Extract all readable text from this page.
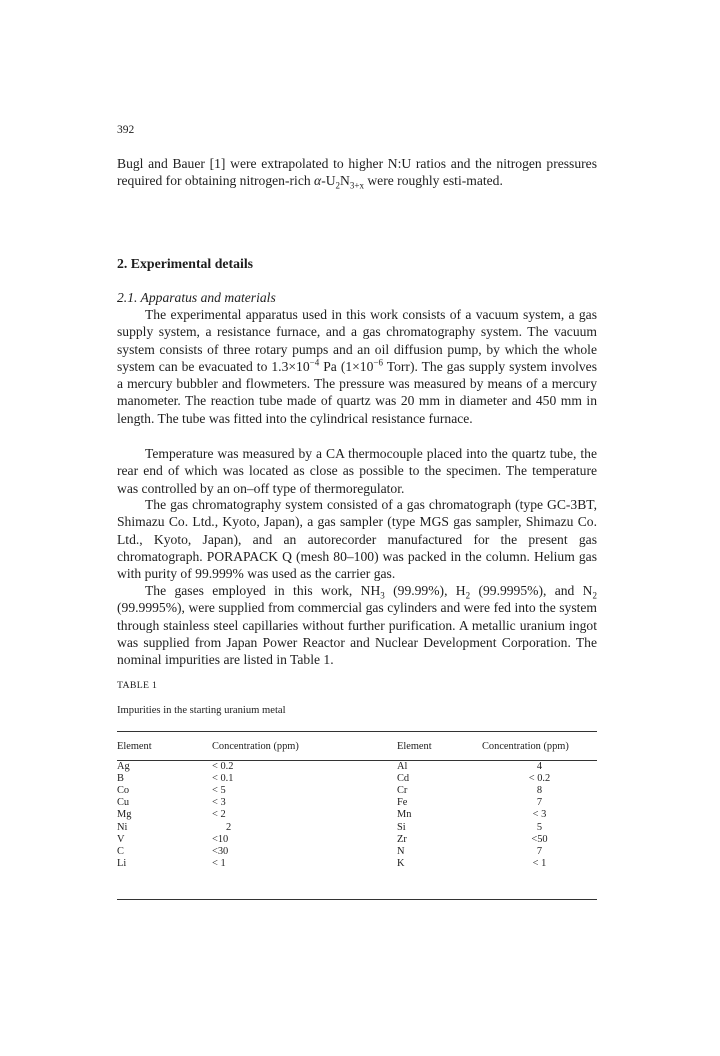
392

Bugl and Bauer [1] were extrapolated to higher N:U ratios and the nitrogen pressures required for obtaining nitrogen-rich $\alpha-U_2N_{3+x}$ were roughly esti-mated.

2. Experimental details
2.1. Apparatus and materials

The experimental apparatus used in this work consists of a vacuum system, a gas supply system, a resistance furnace, and a gas chromatography system. The vacuum system consists of three rotary pumps and an oil diffusion pump, by which the whole system can be evacuated to $1.3\times 10^{-4}$ Pa ($1\times 10^{-6}$ Torr). The gas supply system involves a mercury bubbler and flowmeters. The pressure was measured by means of a mercury manometer. The reaction tube made of quartz was 20 mm in diameter and 450 mm in length. The tube was fitted into the cylindrical resistance furnace.

Temperature was measured by a CA thermocouple placed into the quartz tube, the rear end of which was located as close as possible to the specimen. The temperature was controlled by an on–off type of thermoregulator.

The gas chromatography system consisted of a gas chromatograph (type GC-3BT, Shimazu Co. Ltd., Kyoto, Japan), a gas sampler (type MGS gas sampler, Shimazu Co. Ltd., Kyoto, Japan), and an autorecorder manufactured for the present gas chromatograph. PORAPACK Q (mesh 80–100) was packed in the column. Helium gas with purity of 99.999% was used as the carrier gas.

The gases employed in this work, $NH_3$ (99.99%), $H_2$ (99.9995%), and $N_2$ (99.9995%), were supplied from commercial gas cylinders and were fed into the system through stainless steel capillaries without further purification. A metallic uranium ingot was supplied from Japan Power Reactor and Nuclear Development Corporation. The nominal impurities are listed in Table 1.

TABLE 1
Impurities in the starting uranium metal
Element	Concentration (ppm)	Element	Concentration (ppm)
Ag	< 0.2	Al	4
B	< 0.1	Cd	< 0.2
Co	< 5	Cr	8
Cu	< 3	Fe	7
Mg	< 2	Mn	< 3
Ni	2	Si	5
V	<10	Zr	<50
C	<30	N	7
Li	< 1	K	< 1
